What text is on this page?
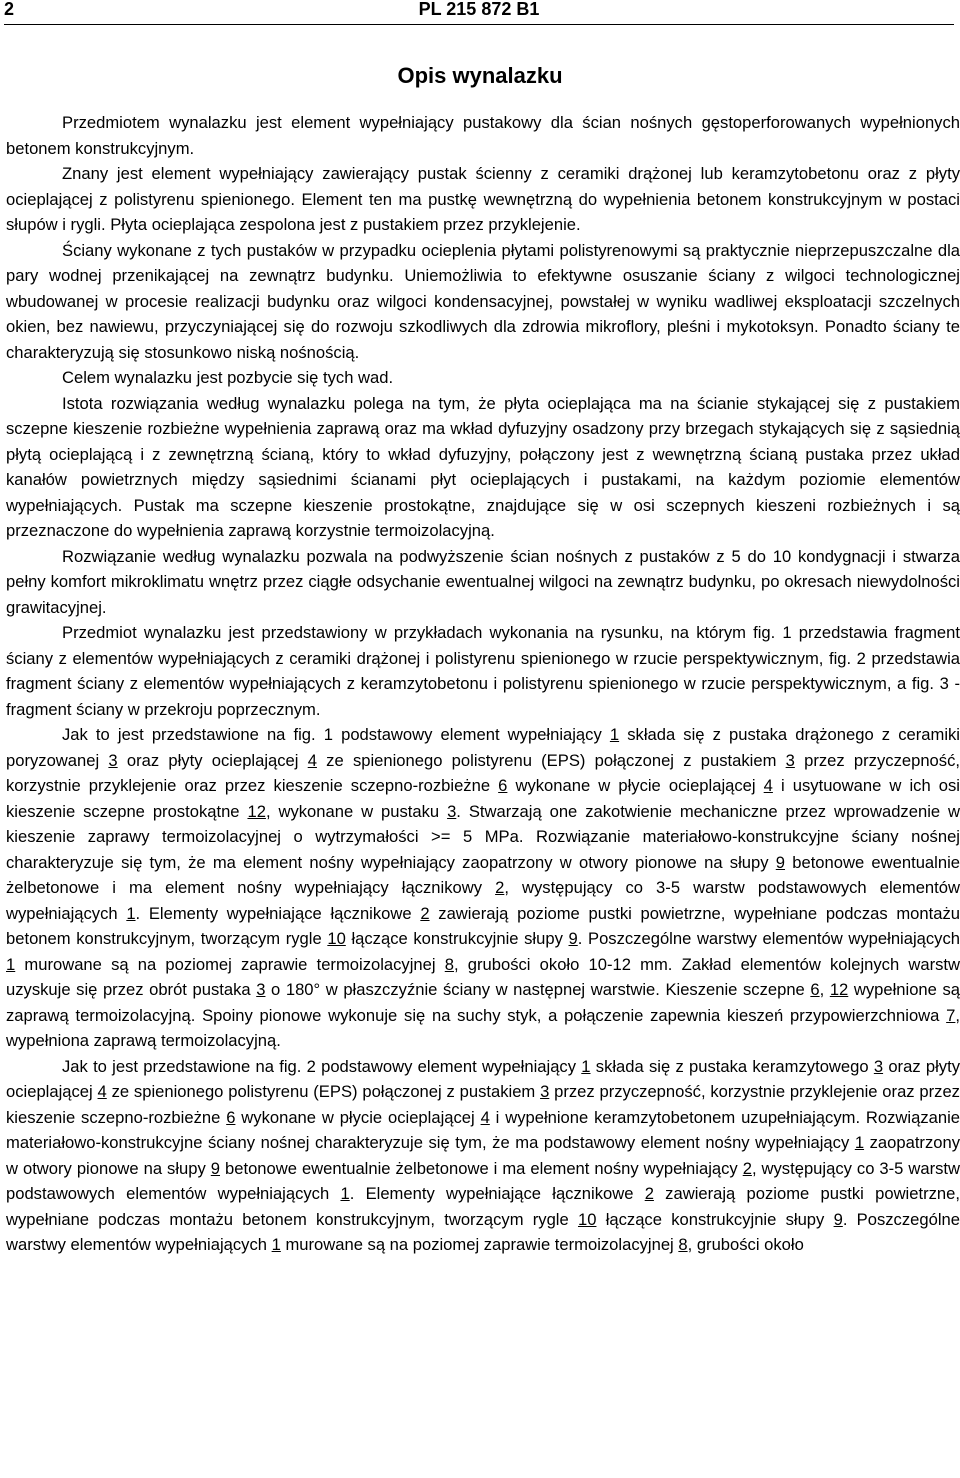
2	PL 215 872 B1
Opis wynalazku

Przedmiotem wynalazku jest element wypełniający pustakowy dla ścian nośnych gęstoperforowanych wypełnionych betonem konstrukcyjnym.

Znany jest element wypełniający zawierający pustak ścienny z ceramiki drążonej lub keramzytobetonu oraz z płyty ocieplającej z polistyrenu spienionego. Element ten ma pustkę wewnętrzną do wypełnienia betonem konstrukcyjnym w postaci słupów i rygli. Płyta ocieplająca zespolona jest z pustakiem przez przyklejenie.

Ściany wykonane z tych pustaków w przypadku ocieplenia płytami polistyrenowymi są praktycznie nieprzepuszczalne dla pary wodnej przenikającej na zewnątrz budynku. Uniemożliwia to efektywne osuszanie ściany z wilgoci technologicznej wbudowanej w procesie realizacji budynku oraz wilgoci kondensacyjnej, powstałej w wyniku wadliwej eksploatacji szczelnych okien, bez nawiewu, przyczyniającej się do rozwoju szkodliwych dla zdrowia mikroflory, pleśni i mykotoksyn. Ponadto ściany te charakteryzują się stosunkowo niską nośnością.

Celem wynalazku jest pozbycie się tych wad.

Istota rozwiązania według wynalazku polega na tym, że płyta ocieplająca ma na ścianie stykającej się z pustakiem sczepne kieszenie rozbieżne wypełnienia zaprawą oraz ma wkład dyfuzyjny osadzony przy brzegach stykających się z sąsiednią płytą ocieplającą i z zewnętrzną ścianą, który to wkład dyfuzyjny, połączony jest z wewnętrzną ścianą pustaka przez układ kanałów powietrznych między sąsiednimi ścianami płyt ocieplających i pustakami, na każdym poziomie elementów wypełniających. Pustak ma sczepne kieszenie prostokątne, znajdujące się w osi sczepnych kieszeni rozbieżnych i są przeznaczone do wypełnienia zaprawą korzystnie termoizolacyjną.

Rozwiązanie według wynalazku pozwala na podwyższenie ścian nośnych z pustaków z 5 do 10 kondygnacji i stwarza pełny komfort mikroklimatu wnętrz przez ciągłe odsychanie ewentualnej wilgoci na zewnątrz budynku, po okresach niewydolności grawitacyjnej.

Przedmiot wynalazku jest przedstawiony w przykładach wykonania na rysunku, na którym fig. 1 przedstawia fragment ściany z elementów wypełniających z ceramiki drążonej i polistyrenu spienionego w rzucie perspektywicznym, fig. 2 przedstawia fragment ściany z elementów wypełniających z keramzytobetonu i polistyrenu spienionego w rzucie perspektywicznym, a fig. 3 - fragment ściany w przekroju poprzecznym.

Jak to jest przedstawione na fig. 1 podstawowy element wypełniający 1 składa się z pustaka drążonego z ceramiki poryzowanej 3 oraz płyty ocieplającej 4 ze spienionego polistyrenu (EPS) połączonej z pustakiem 3 przez przyczepność, korzystnie przyklejenie oraz przez kieszenie sczepno-rozbieżne 6 wykonane w płycie ocieplającej 4 i usytuowane w ich osi kieszenie sczepne prostokątne 12, wykonane w pustaku 3. Stwarzają one zakotwienie mechaniczne przez wprowadzenie w kieszenie zaprawy termoizolacyjnej o wytrzymałości >= 5 MPa. Rozwiązanie materiałowo-konstrukcyjne ściany nośnej charakteryzuje się tym, że ma element nośny wypełniający zaopatrzony w otwory pionowe na słupy 9 betonowe ewentualnie żelbetonowe i ma element nośny wypełniający łącznikowy 2, występujący co 3-5 warstw podstawowych elementów wypełniających 1. Elementy wypełniające łącznikowe 2 zawierają poziome pustki powietrzne, wypełniane podczas montażu betonem konstrukcyjnym, tworzącym rygle 10 łączące konstrukcyjnie słupy 9. Poszczególne warstwy elementów wypełniających 1 murowane są na poziomej zaprawie termoizolacyjnej 8, grubości około 10-12 mm. Zakład elementów kolejnych warstw uzyskuje się przez obrót pustaka 3 o 180° w płaszczyźnie ściany w następnej warstwie. Kieszenie sczepne 6, 12 wypełnione są zaprawą termoizolacyjną. Spoiny pionowe wykonuje się na suchy styk, a połączenie zapewnia kieszeń przypowierzchniowa 7, wypełniona zaprawą termoizolacyjną.

Jak to jest przedstawione na fig. 2 podstawowy element wypełniający 1 składa się z pustaka keramzytowego 3 oraz płyty ocieplającej 4 ze spienionego polistyrenu (EPS) połączonej z pustakiem 3 przez przyczepność, korzystnie przyklejenie oraz przez kieszenie sczepno-rozbieżne 6 wykonane w płycie ocieplającej 4 i wypełnione keramzytobetonem uzupełniającym. Rozwiązanie materiałowo-konstrukcyjne ściany nośnej charakteryzuje się tym, że ma podstawowy element nośny wypełniający 1 zaopatrzony w otwory pionowe na słupy 9 betonowe ewentualnie żelbetonowe i ma element nośny wypełniający 2, występujący co 3-5 warstw podstawowych elementów wypełniających 1. Elementy wypełniające łącznikowe 2 zawierają poziome pustki powietrzne, wypełniane podczas montażu betonem konstrukcyjnym, tworzącym rygle 10 łączące konstrukcyjnie słupy 9. Poszczególne warstwy elementów wypełniających 1 murowane są na poziomej zaprawie termoizolacyjnej 8, grubości około
